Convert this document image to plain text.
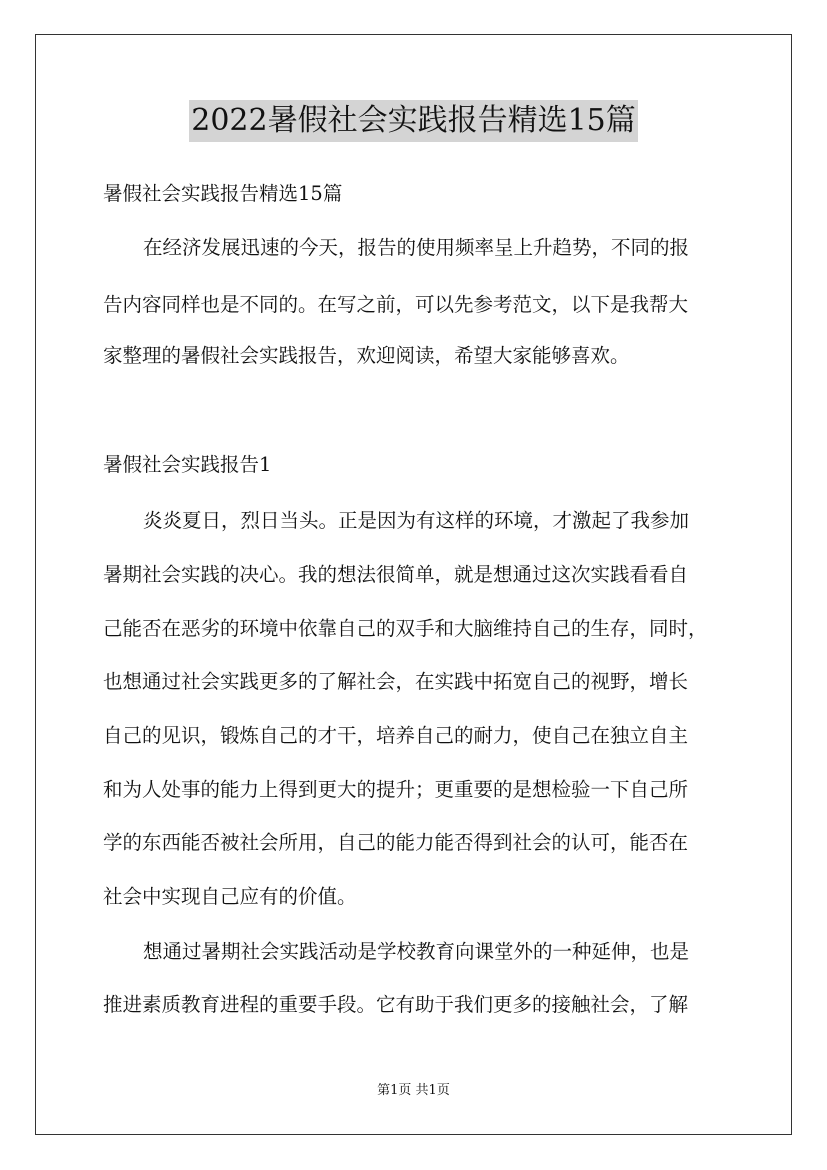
2022暑假社会实践报告精选15篇
暑假社会实践报告精选15篇
在经济发展迅速的今天，报告的使用频率呈上升趋势，不同的报
告内容同样也是不同的。在写之前，可以先参考范文，以下是我帮大
家整理的暑假社会实践报告，欢迎阅读，希望大家能够喜欢。
暑假社会实践报告1
炎炎夏日，烈日当头。正是因为有这样的环境，才激起了我参加
暑期社会实践的决心。我的想法很简单，就是想通过这次实践看看自
己能否在恶劣的环境中依靠自己的双手和大脑维持自己的生存，同时，
也想通过社会实践更多的了解社会，在实践中拓宽自己的视野，增长
自己的见识，锻炼自己的才干，培养自己的耐力，使自己在独立自主
和为人处事的能力上得到更大的提升；更重要的是想检验一下自己所
学的东西能否被社会所用，自己的能力能否得到社会的认可，能否在
社会中实现自己应有的价值。
想通过暑期社会实践活动是学校教育向课堂外的一种延伸，也是
推进素质教育进程的重要手段。它有助于我们更多的接触社会，了解
第1页 共1页
